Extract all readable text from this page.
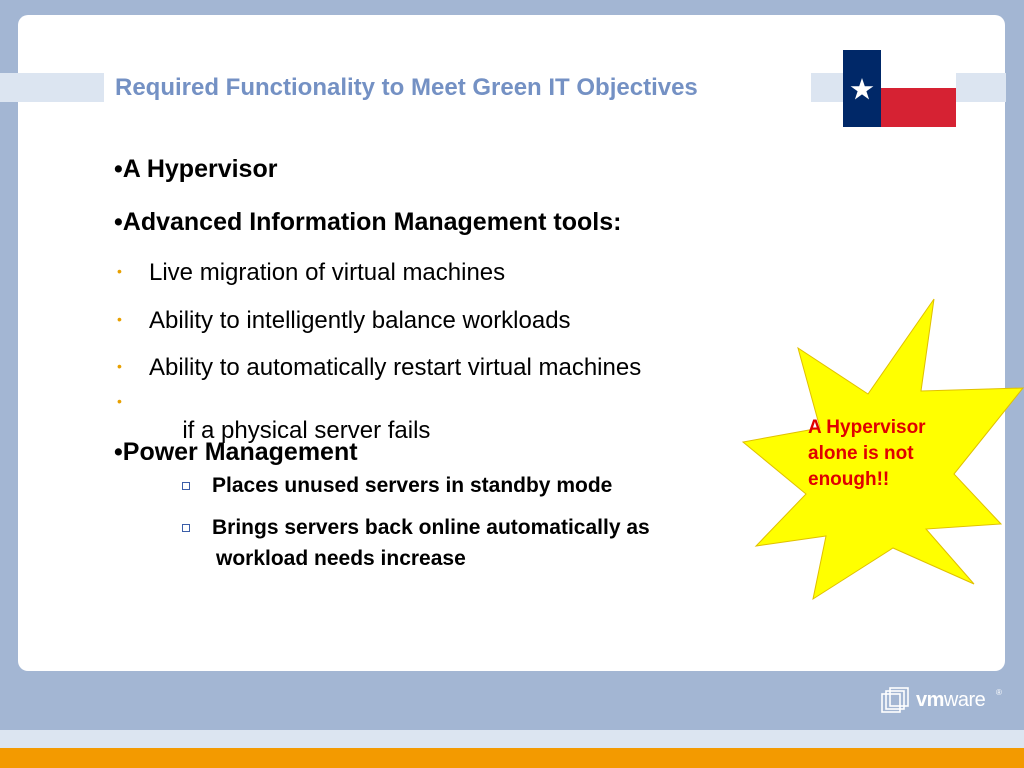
Required Functionality to Meet Green IT Objectives
•A Hypervisor
•Advanced Information Management tools:
• Live migration of virtual machines
• Ability to intelligently balance workloads
• Ability to automatically restart virtual machines

•
if a physical server fails

•Power Management
Places unused servers in standby mode
Brings servers back online automatically as
workload needs increase
A Hypervisor
alone is not
enough!!
vmware ®
